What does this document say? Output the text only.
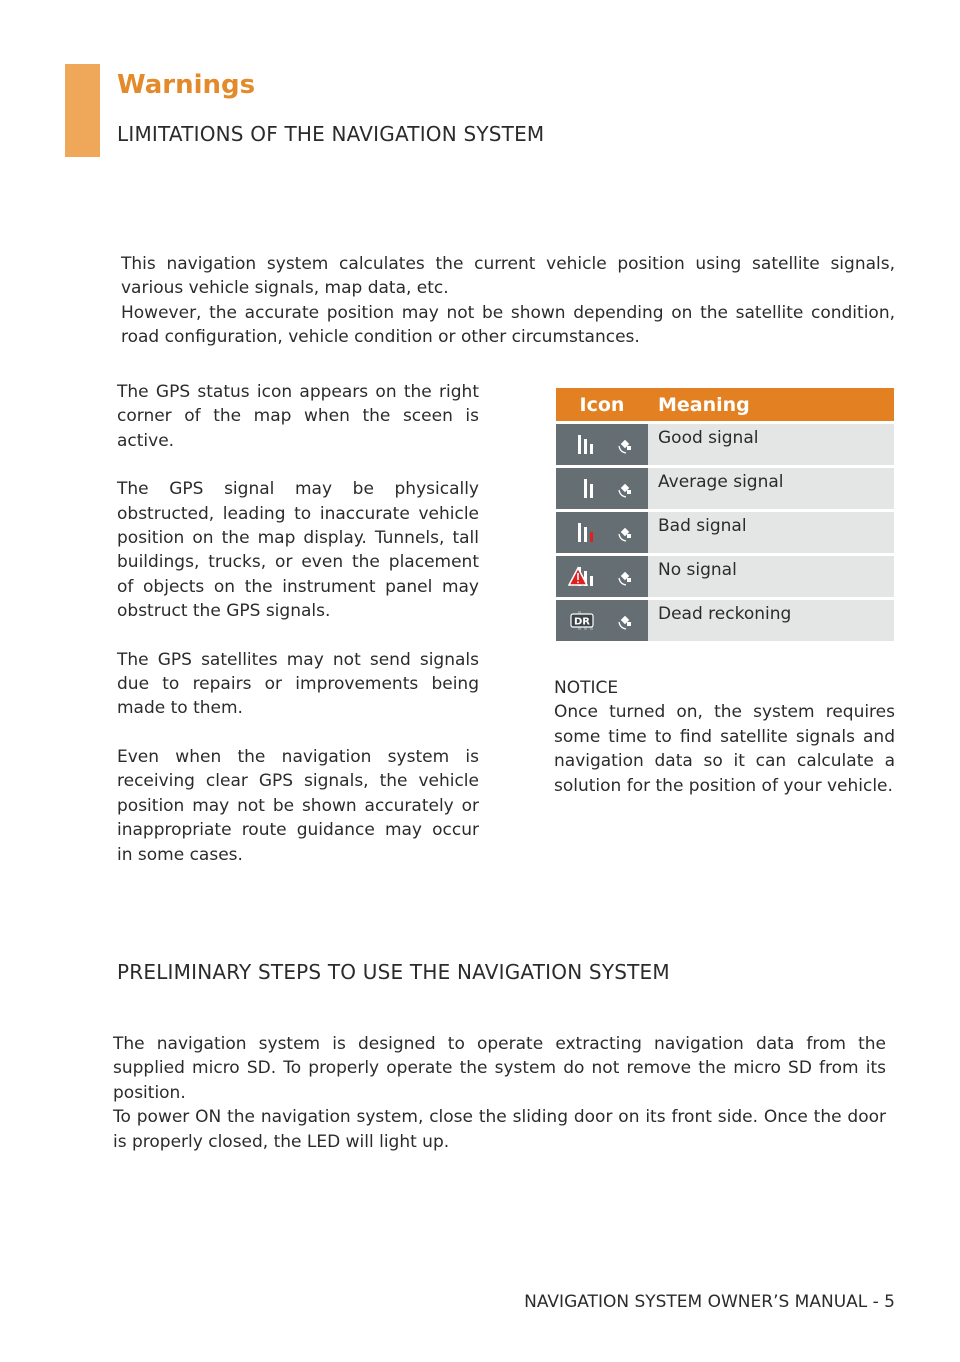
Warnings
LIMITATIONS OF THE NAVIGATION SYSTEM

This navigation system calculates the current vehicle position using satellite signals, various vehicle signals, map data, etc.

However, the accurate position may not be shown depending on the satellite condition, road configuration, vehicle condition or other circumstances.

The GPS status icon appears on the right corner of the map when the sceen is active.

The GPS signal may be physically obstructed, leading to inaccurate vehicle position on the map display. Tunnels, tall buildings, trucks, or even the placement of objects on the instrument panel may obstruct the GPS signals.

The GPS satellites may not send signals due to repairs or improvements being made to them.

Even when the navigation system is receiving clear GPS signals, the vehicle position may not be shown accurately or inappropriate route guidance may occur in some cases.

Icon	Meaning

	Good signal

	Average signal

	Bad signal

	No signal

DR	Dead reckoning
NOTICE
Once turned on, the system requires some time to find satellite signals and navigation data so it can calculate a solution for the position of your vehicle.
PRELIMINARY STEPS TO USE THE NAVIGATION SYSTEM

The navigation system is designed to operate extracting navigation data from the supplied micro SD. To properly operate the system do not remove the micro SD from its position.

To power ON the navigation system, close the sliding door on its front side. Once the door is properly closed, the LED will light up.

NAVIGATION SYSTEM OWNER’S MANUAL - 5
